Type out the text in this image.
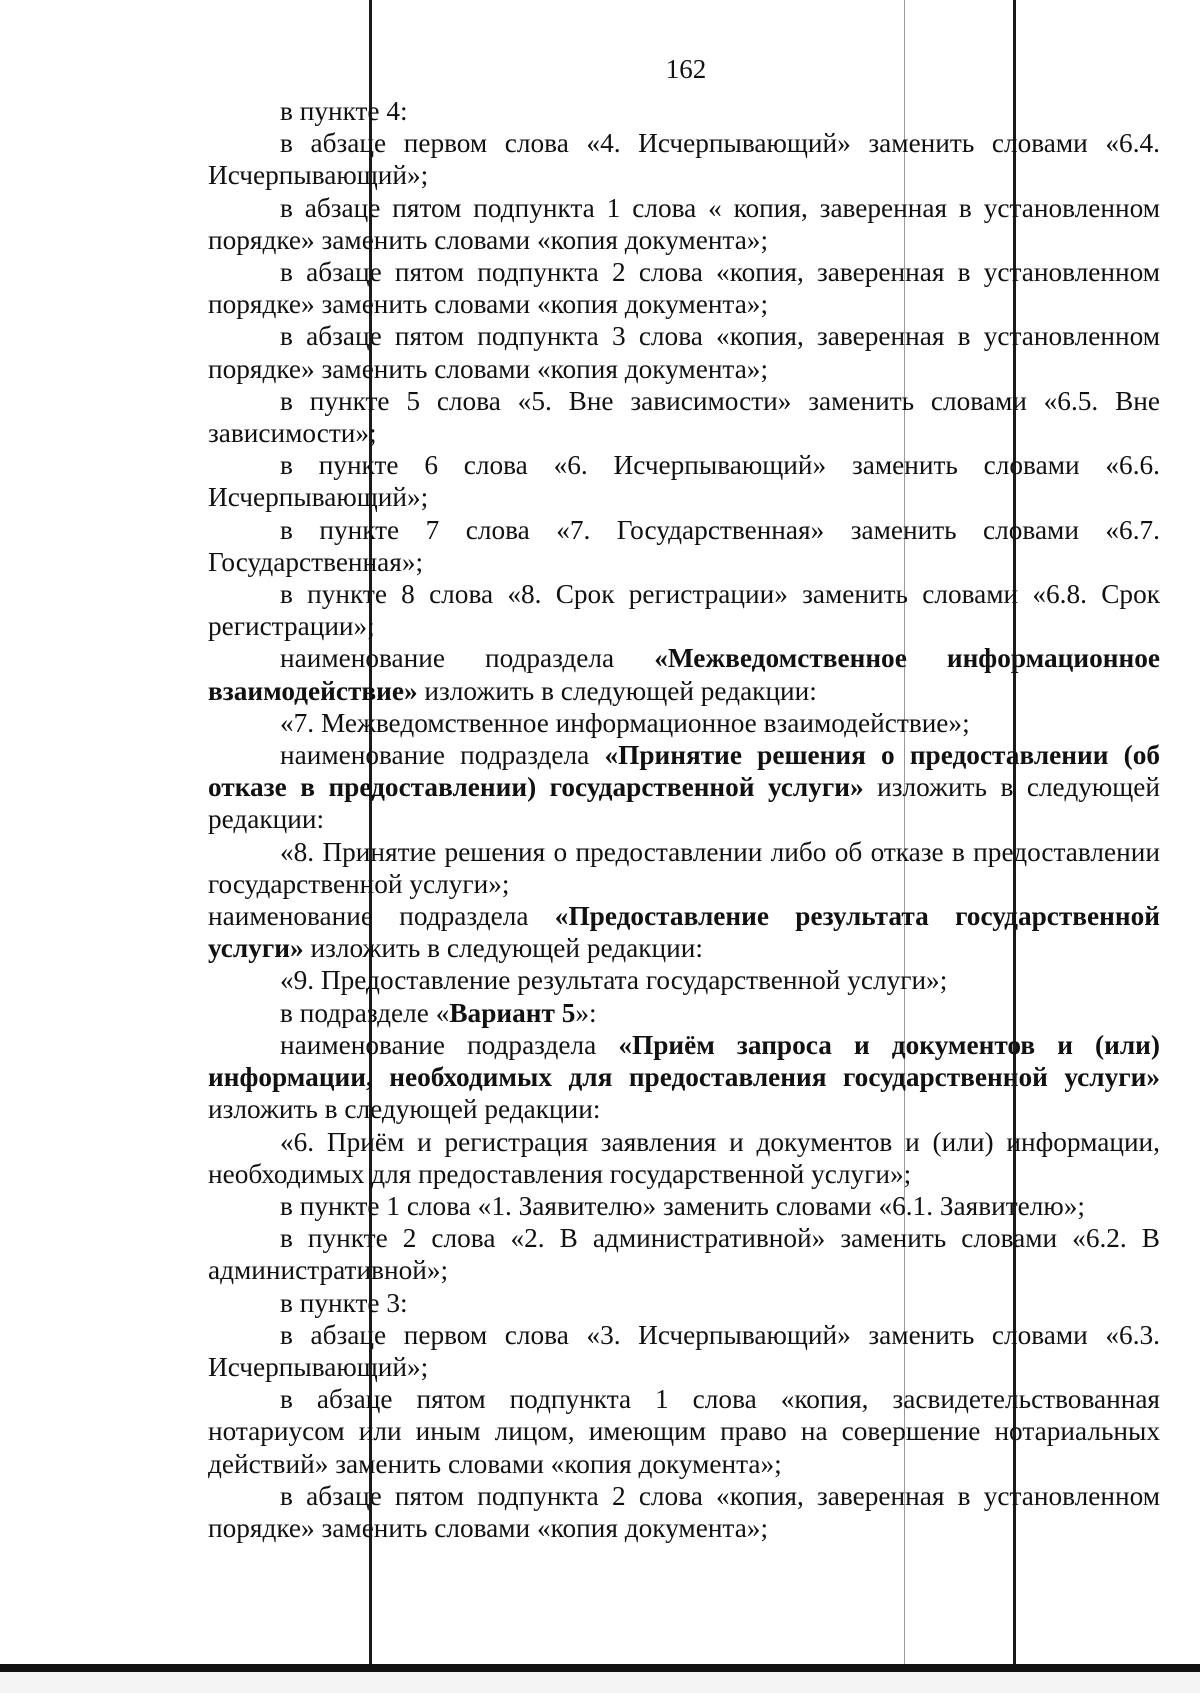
162

в пункте 4:

в абзаце первом слова «4. Исчерпывающий» заменить словами «6.4. Исчерпывающий»;

в абзаце пятом подпункта 1 слова « копия, заверенная в установленном порядке» заменить словами «копия документа»;

в абзаце пятом подпункта 2 слова «копия, заверенная в установленном порядке» заменить словами «копия документа»;

в абзаце пятом подпункта 3 слова «копия, заверенная в установленном порядке» заменить словами «копия документа»;

в пункте 5 слова «5. Вне зависимости» заменить словами «6.5. Вне зависимости»;

в пункте 6 слова «6. Исчерпывающий» заменить словами «6.6. Исчерпывающий»;

в пункте 7 слова «7. Государственная» заменить словами «6.7. Государственная»;

в пункте 8 слова «8. Срок регистрации» заменить словами «6.8. Срок регистрации»;

наименование подраздела «Межведомственное информационное взаимодействие» изложить в следующей редакции:

«7. Межведомственное информационное взаимодействие»;

наименование подраздела «Принятие решения о предоставлении (об отказе в предоставлении) государственной услуги» изложить в следующей редакции:

«8. Принятие решения о предоставлении либо об отказе в предоставлении государственной услуги»;

наименование подраздела «Предоставление результата государственной услуги» изложить в следующей редакции:

«9. Предоставление результата государственной услуги»;

в подразделе «Вариант 5»:

наименование подраздела «Приём запроса и документов и (или) информации, необходимых для предоставления государственной услуги» изложить в следующей редакции:

«6. Приём и регистрация заявления и документов и (или) информации, необходимых для предоставления государственной услуги»;

в пункте 1 слова «1. Заявителю» заменить словами «6.1. Заявителю»;

в пункте 2 слова «2. В административной» заменить словами «6.2. В административной»;

в пункте 3:

в абзаце первом слова «3. Исчерпывающий» заменить словами «6.3. Исчерпывающий»;

в абзаце пятом подпункта 1 слова «копия, засвидетельствованная нотариусом или иным лицом, имеющим право на совершение нотариальных действий» заменить словами «копия документа»;

в абзаце пятом подпункта 2 слова «копия, заверенная в установленном порядке» заменить словами «копия документа»;
